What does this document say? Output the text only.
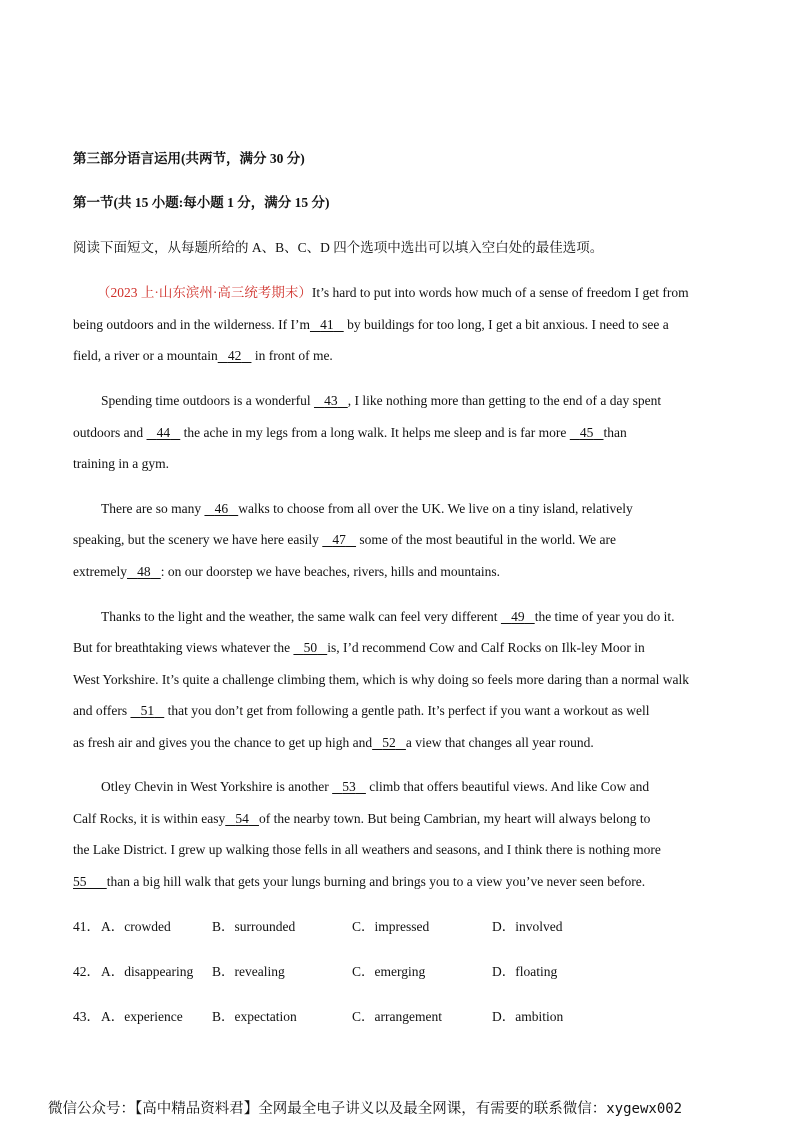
第三部分语言运用(共两节，满分 30 分)
第一节(共 15 小题:每小题 1 分，满分 15 分)
阅读下面短文，从每题所给的 A、B、C、D 四个选项中选出可以填入空白处的最佳选项。
（2023 上·山东滨州·高三统考期末）It’s hard to put into words how much of a sense of freedom I get from
being outdoors and in the wilderness. If I’m 41 by buildings for too long, I get a bit anxious. I need to see a
field, a river or a mountain 42 in front of me.
Spending time outdoors is a wonderful 43 , I like nothing more than getting to the end of a day spent
outdoors and 44 the ache in my legs from a long walk. It helps me sleep and is far more 45 than
training in a gym.
There are so many 46 walks to choose from all over the UK. We live on a tiny island, relatively
speaking, but the scenery we have here easily 47 some of the most beautiful in the world. We are
extremely 48 : on our doorstep we have beaches, rivers, hills and mountains.
Thanks to the light and the weather, the same walk can feel very different 49 the time of year you do it.
But for breathtaking views whatever the 50 is, I’d recommend Cow and Calf Rocks on Ilk-ley Moor in
West Yorkshire. It’s quite a challenge climbing them, which is why doing so feels more daring than a normal walk
and offers 51 that you don’t get from following a gentle path. It’s perfect if you want a workout as well
as fresh air and gives you the chance to get up high and 52 a view that changes all year round.
Otley Chevin in West Yorkshire is another 53 climb that offers beautiful views. And like Cow and
Calf Rocks, it is within easy 54 of the nearby town. But being Cambrian, my heart will always belong to
the Lake District. I grew up walking those fells in all weathers and seasons, and I think there is nothing more
55 than a big hill walk that gets your lungs burning and brings you to a view you’ve never seen before.
41． A．crowded	B．surrounded	C．impressed	D．involved
42． A．disappearing B．revealing	C．emerging	D．floating
43． A．experience B．expectation	C．arrangement	D．ambition
微信公众号：【高中精品资料君】全网最全电子讲义以及最全网课，有需要的联系微信：xygewx002
